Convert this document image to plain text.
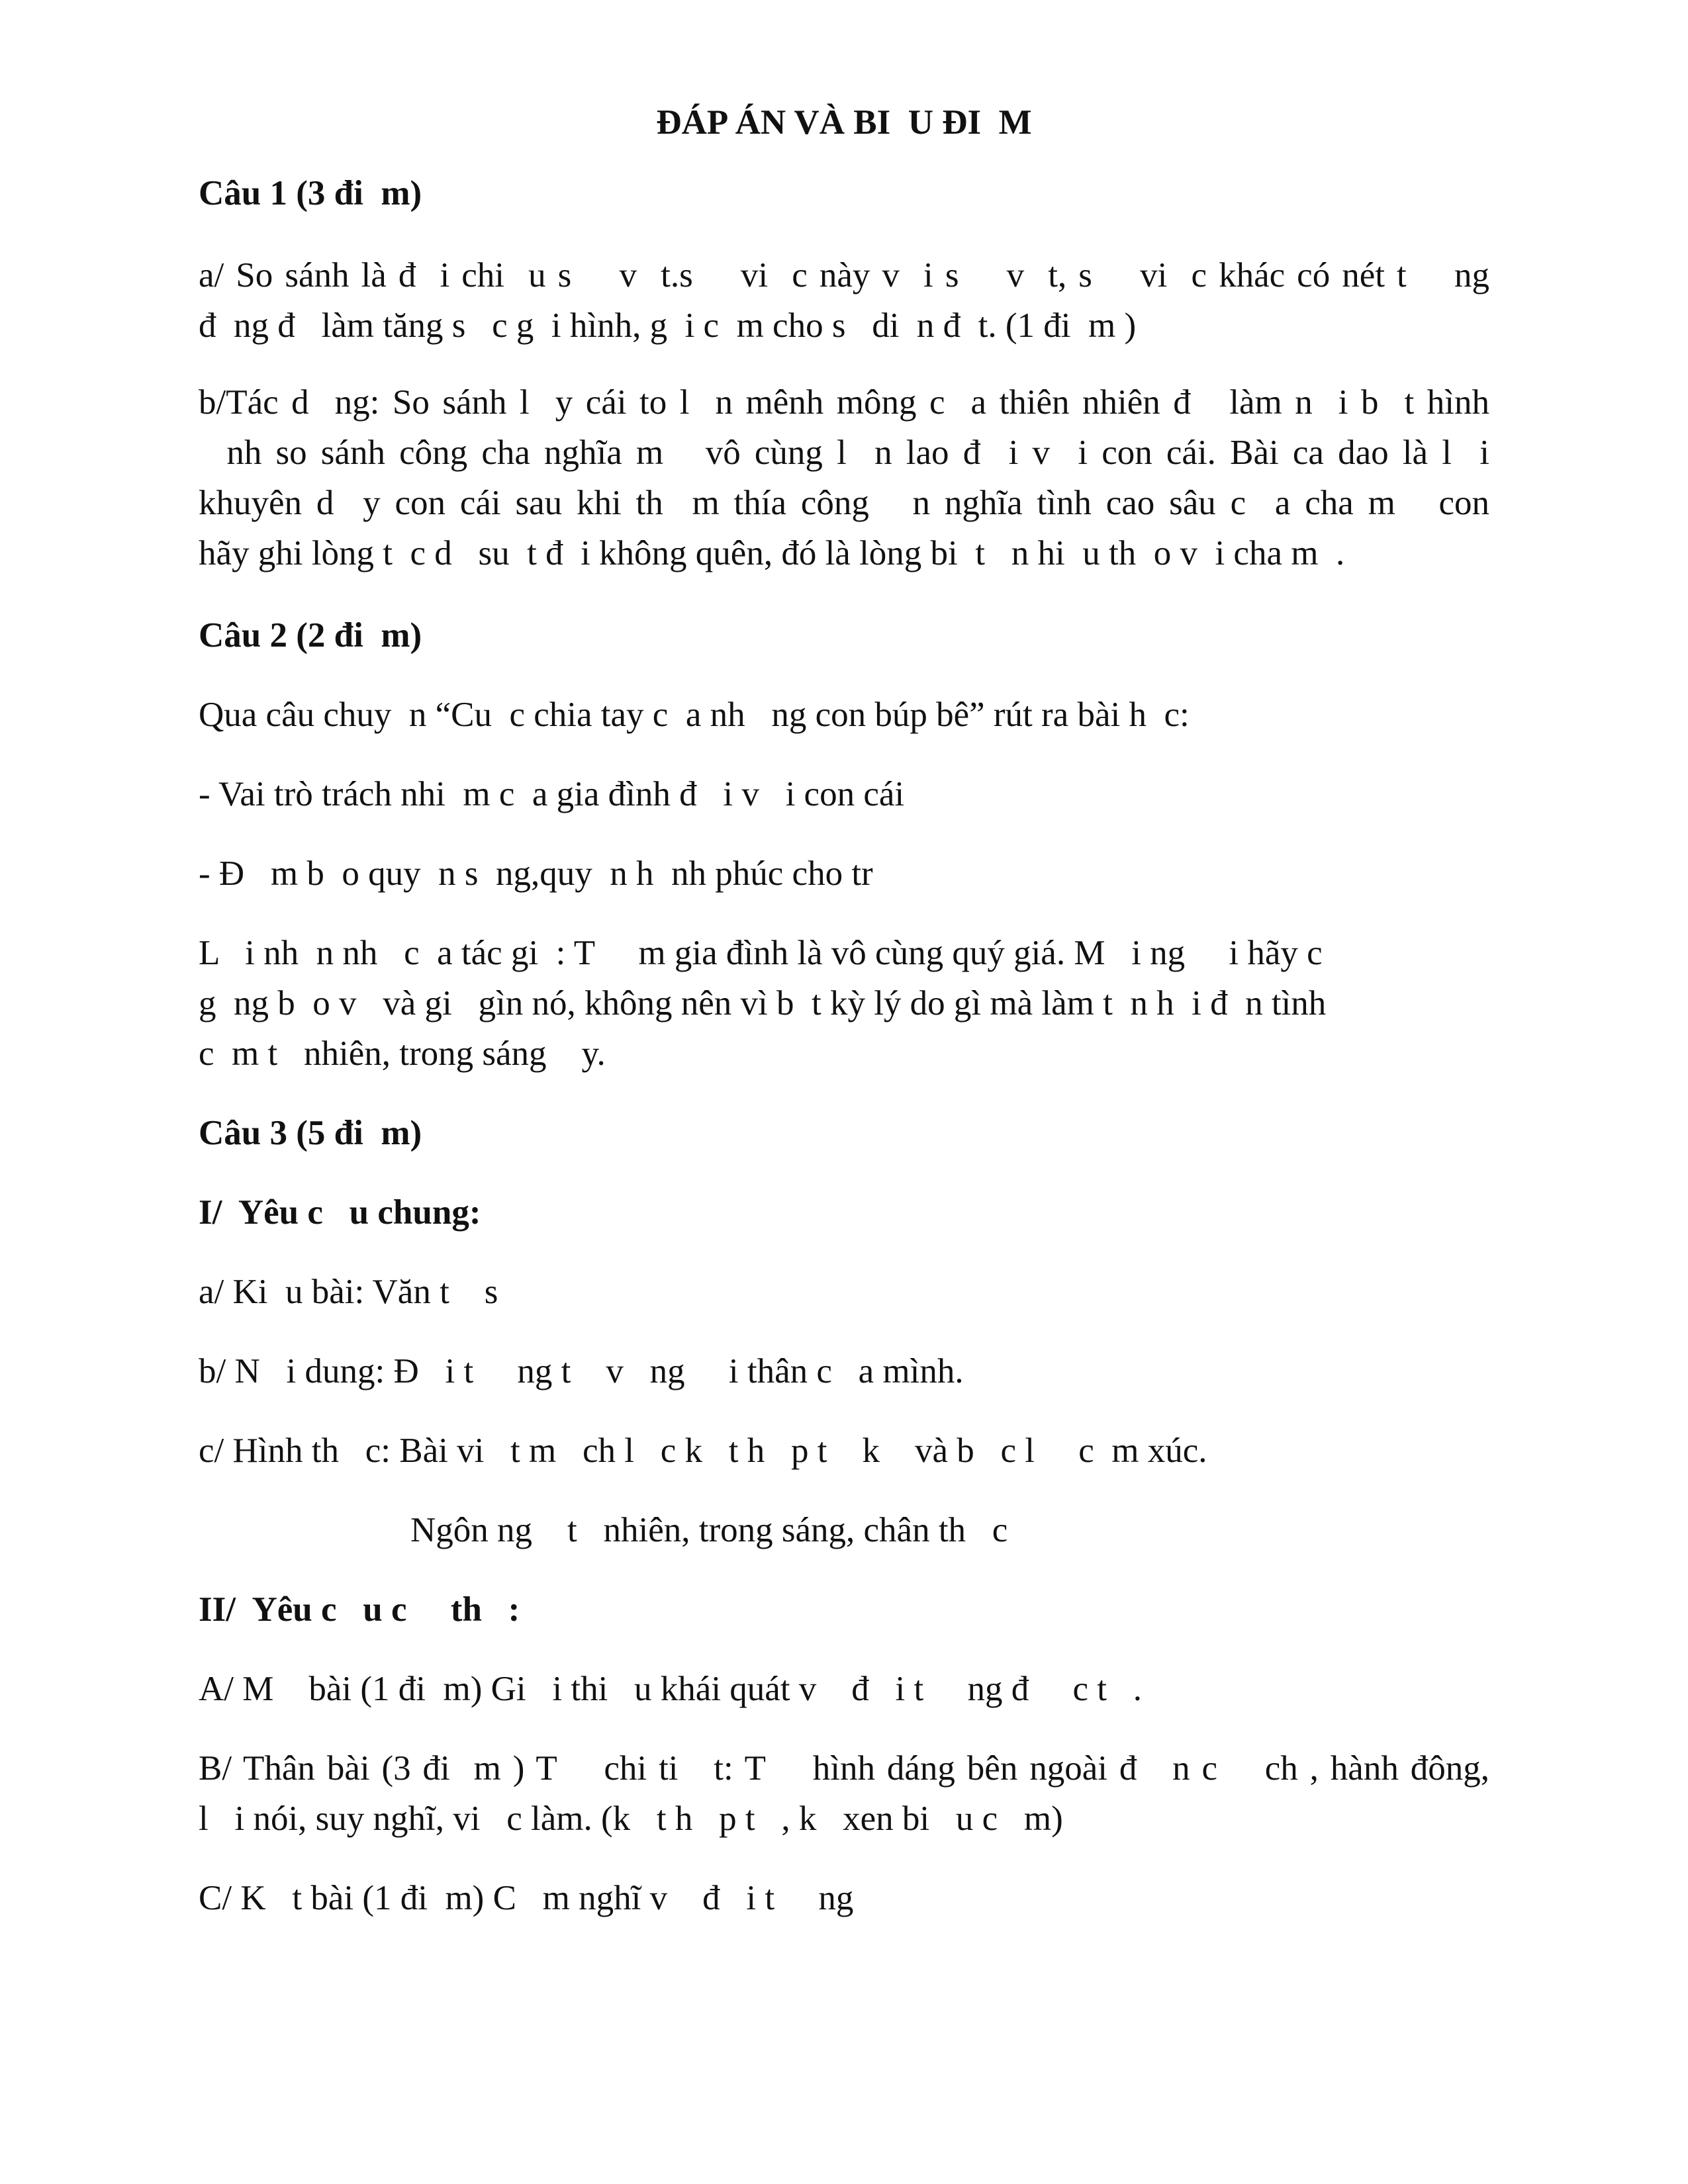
ĐÁP ÁN VÀ BI  U ĐI  M
Câu 1 (3 đi  m)
a/ So sánh là đ  i chi  u s    v  t.s    vi  c này v  i s    v  t, s    vi  c khác có nét t    ng
đ  ng đ   làm tăng s   c g  i hình, g  i c  m cho s   di  n đ  t. (1 đi  m )
b/Tác d  ng: So sánh l  y cái to l  n mênh mông c  a thiên nhiên đ   làm n  i b  t hình
nh so sánh công cha nghĩa m   vô cùng l  n lao đ  i v  i con cái. Bài ca dao là l  i
khuyên d  y con cái sau khi th  m thía công   n nghĩa tình cao sâu c  a cha m   con
hãy ghi lòng t  c d   su  t đ  i không quên, đó là lòng bi  t   n hi  u th  o v  i cha m  .
Câu 2 (2 đi  m)
Qua câu chuy  n “Cu  c chia tay c  a nh   ng con búp bê” rút ra bài h  c:
- Vai trò trách nhi  m c  a gia đình đ   i v   i con cái
- Đ   m b  o quy  n s  ng,quy  n h  nh phúc cho tr
L   i nh  n nh   c  a tác gi  : T     m gia đình là vô cùng quý giá. M   i ng     i hãy c
g  ng b  o v   và gi   gìn nó, không nên vì b  t kỳ lý do gì mà làm t  n h  i đ  n tình
c  m t   nhiên, trong sáng    y.
Câu 3 (5 đi  m)
I/  Yêu c   u chung:
a/ Ki  u bài: Văn t    s
b/ N   i dung: Đ   i t     ng t    v   ng     i thân c   a mình.
c/ Hình th   c: Bài vi   t m   ch l   c k   t h   p t    k    và b   c l     c  m xúc.
Ngôn ng    t   nhiên, trong sáng, chân th   c
II/  Yêu c   u c     th   :
A/ M    bài (1 đi  m) Gi   i thi   u khái quát v    đ   i t     ng đ     c t   .
B/ Thân bài (3 đi  m ) T    chi ti   t: T    hình dáng bên ngoài đ   n c    ch , hành đông,
l   i nói, suy nghĩ, vi   c làm. (k   t h   p t   , k   xen bi   u c   m)
C/ K   t bài (1 đi  m) C   m nghĩ v    đ   i t     ng
